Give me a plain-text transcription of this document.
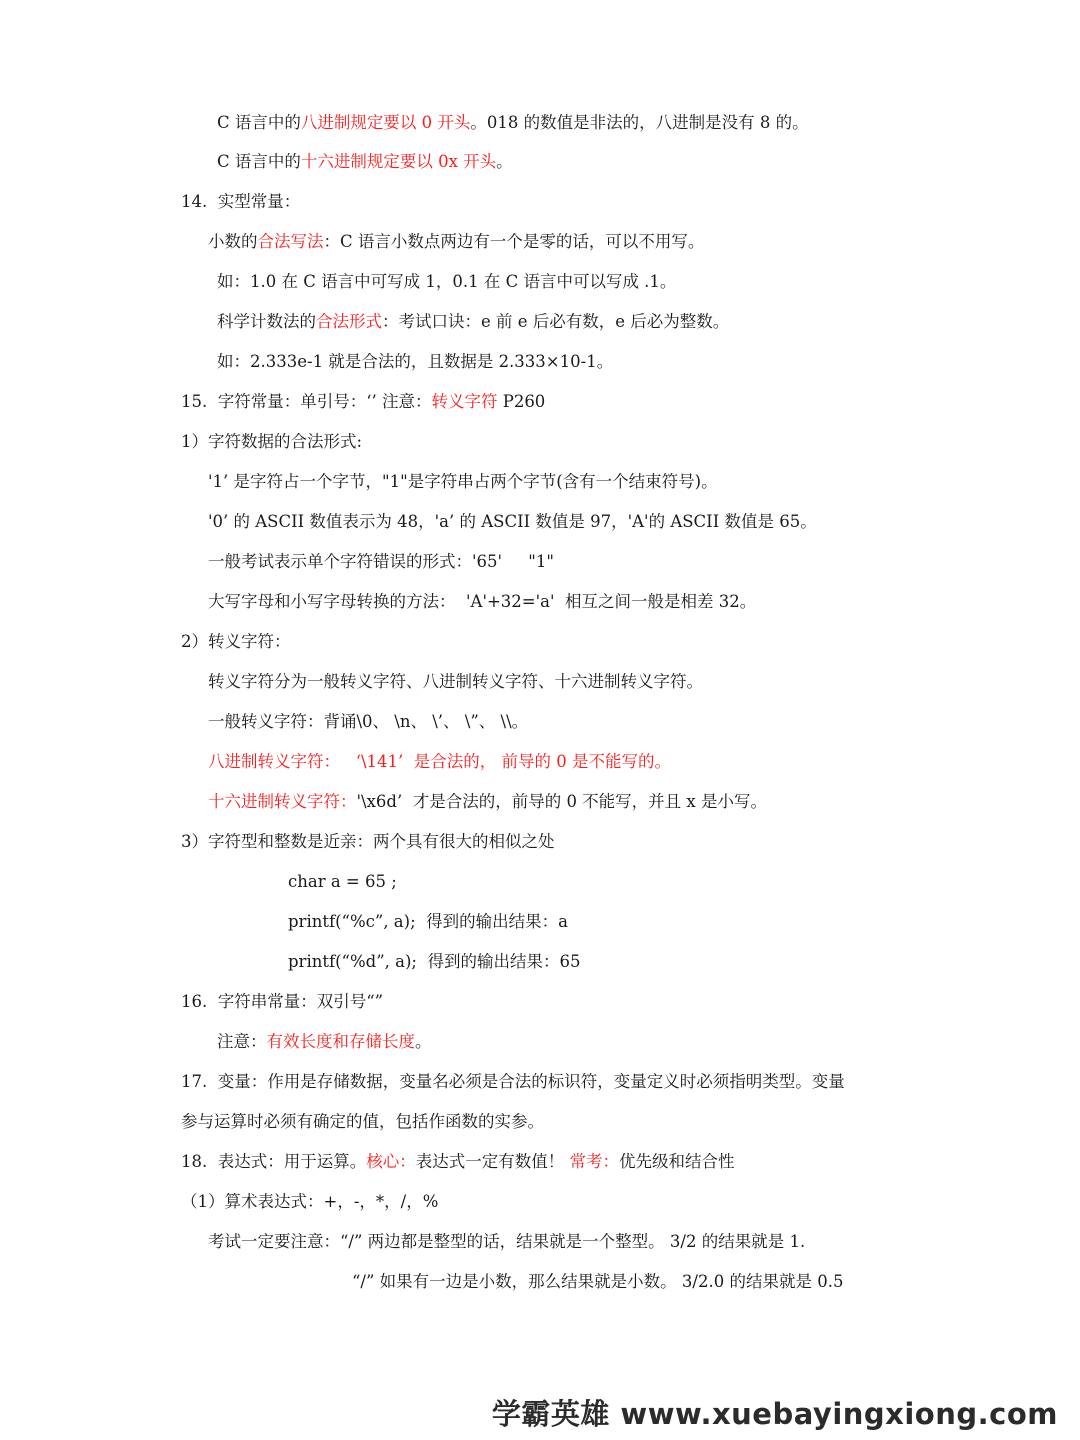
C 语言中的八进制规定要以 0 开头。018 的数值是非法的，八进制是没有 8 的。
C 语言中的十六进制规定要以 0x 开头。
14.  实型常量：
小数的合法写法：C 语言小数点两边有一个是零的话，可以不用写。
如：1.0 在 C 语言中可写成 1，0.1 在 C 语言中可以写成 .1。
科学计数法的合法形式：考试口诀：e 前 e 后必有数，e 后必为整数。
如：2.333e-1 就是合法的，且数据是 2.333×10-1。
15.  字符常量：单引号：‘’ 注意：转义字符 P260
1）字符数据的合法形式:
'1’ 是字符占一个字节，"1"是字符串占两个字节(含有一个结束符号)。
'0’ 的 ASCII 数值表示为 48，'a’ 的 ASCII 数值是 97，'A'的 ASCII 数值是 65。
一般考试表示单个字符错误的形式：'65'     "1"
大写字母和小写字母转换的方法：  'A'+32='a'  相互之间一般是相差 32。
2）转义字符：
转义字符分为一般转义字符、八进制转义字符、十六进制转义字符。
一般转义字符：背诵\0、 \n、 \’、 \”、 \\。
八进制转义字符：   ‘\141’  是合法的， 前导的 0 是不能写的。
十六进制转义字符：'\x6d’  才是合法的，前导的 0 不能写，并且 x 是小写。
3）字符型和整数是近亲：两个具有很大的相似之处
char a = 65 ;
printf(“%c”, a);  得到的输出结果：a
printf(“%d”, a);  得到的输出结果：65
16.  字符串常量：双引号“”
注意：有效长度和存储长度。
17.  变量：作用是存储数据，变量名必须是合法的标识符，变量定义时必须指明类型。变量
参与运算时必须有确定的值，包括作函数的实参。
18.  表达式：用于运算。核心：表达式一定有数值！ 常考：优先级和结合性
（1）算术表达式：+，-，*，/，%
考试一定要注意：“/” 两边都是整型的话，结果就是一个整型。 3/2 的结果就是 1.
“/” 如果有一边是小数，那么结果就是小数。 3/2.0 的结果就是 0.5
学霸英雄 www.xuebayingxiong.com
